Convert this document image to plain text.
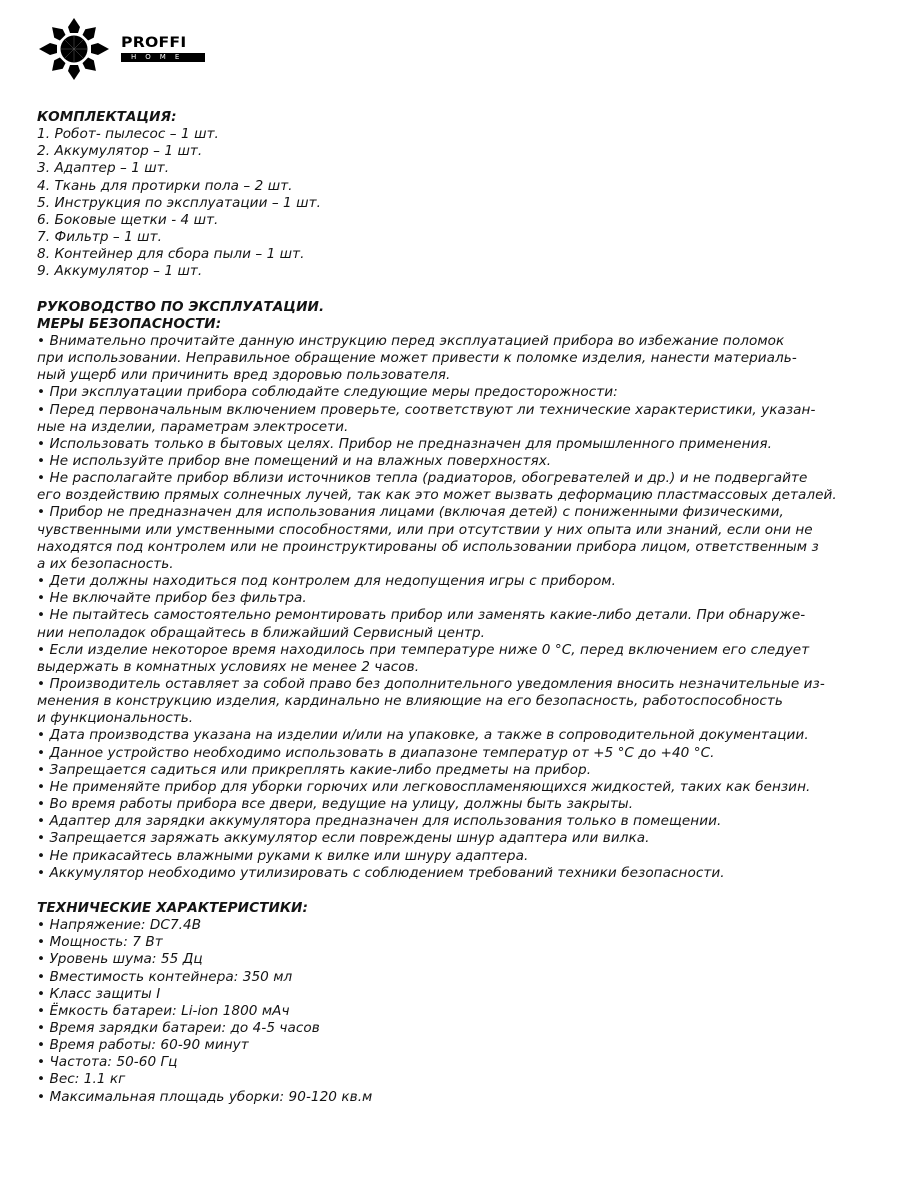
PROFFI
HOME
КОМПЛЕКТАЦИЯ:
1. Робот- пылесос – 1 шт.
2. Аккумулятор – 1 шт.
3. Адаптер – 1 шт.
4. Ткань для протирки пола – 2 шт.
5. Инструкция по эксплуатации – 1 шт.
6. Боковые щетки - 4 шт.
7. Фильтр – 1 шт.
8. Контейнер для сбора пыли – 1 шт.
9. Аккумулятор – 1 шт.
РУКОВОДСТВО ПО ЭКСПЛУАТАЦИИ.
МЕРЫ БЕЗОПАСНОСТИ:
• Внимательно прочитайте данную инструкцию перед эксплуатацией прибора во избежание поломок
при использовании. Неправильное обращение может привести к поломке изделия, нанести материаль-
ный ущерб или причинить вред здоровью пользователя.
• При эксплуатации прибора соблюдайте следующие меры предосторожности:
• Перед первоначальным включением проверьте, соответствуют ли технические характеристики, указан-
ные на изделии, параметрам электросети.
• Использовать только в бытовых целях. Прибор не предназначен для промышленного применения.
• Не используйте прибор вне помещений и на влажных поверхностях.
• Не располагайте прибор вблизи источников тепла (радиаторов, обогревателей и др.) и не подвергайте
его воздействию прямых солнечных лучей, так как это может вызвать деформацию пластмассовых деталей.
• Прибор не предназначен для использования лицами (включая детей) с пониженными физическими,
чувственными или умственными способностями, или при отсутствии у них опыта или знаний, если они не
находятся под контролем или не проинструктированы об использовании прибора лицом, ответственным з
а их безопасность.
• Дети должны находиться под контролем для недопущения игры с прибором.
• Не включайте прибор без фильтра.
• Не пытайтесь самостоятельно ремонтировать прибор или заменять какие-либо детали. При обнаруже-
нии неполадок обращайтесь в ближайший Сервисный центр.
• Если изделие некоторое время находилось при температуре ниже 0 °С, перед включением его следует
выдержать в комнатных условиях не менее 2 часов.
• Производитель оставляет за собой право без дополнительного уведомления вносить незначительные из-
менения в конструкцию изделия, кардинально не влияющие на его безопасность, работоспособность
и функциональность.
• Дата производства указана на изделии и/или на упаковке, а также в сопроводительной документации.
• Данное устройство необходимо использовать в диапазоне температур от +5 °С до +40 °С.
• Запрещается садиться или прикреплять какие-либо предметы на прибор.
• Не применяйте прибор для уборки горючих или легковоспламеняющихся жидкостей, таких как бензин.
• Во время работы прибора все двери, ведущие на улицу, должны быть закрыты.
• Адаптер для зарядки аккумулятора предназначен для использования только в помещении.
• Запрещается заряжать аккумулятор если повреждены шнур адаптера или вилка.
• Не прикасайтесь влажными руками к вилке или шнуру адаптера.
• Аккумулятор необходимо утилизировать с соблюдением требований техники безопасности.
ТЕХНИЧЕСКИЕ ХАРАКТЕРИСТИКИ:
• Напряжение: DC7.4В
• Мощность: 7 Вт
• Уровень шума: 55 Дц
• Вместимость контейнера: 350 мл
• Класс защиты I
• Ёмкость батареи: Li-ion 1800 мАч
• Время зарядки батареи: до 4-5 часов
• Время работы: 60-90 минут
• Частота: 50-60 Гц
• Вес: 1.1 кг
• Максимальная площадь уборки: 90-120 кв.м
